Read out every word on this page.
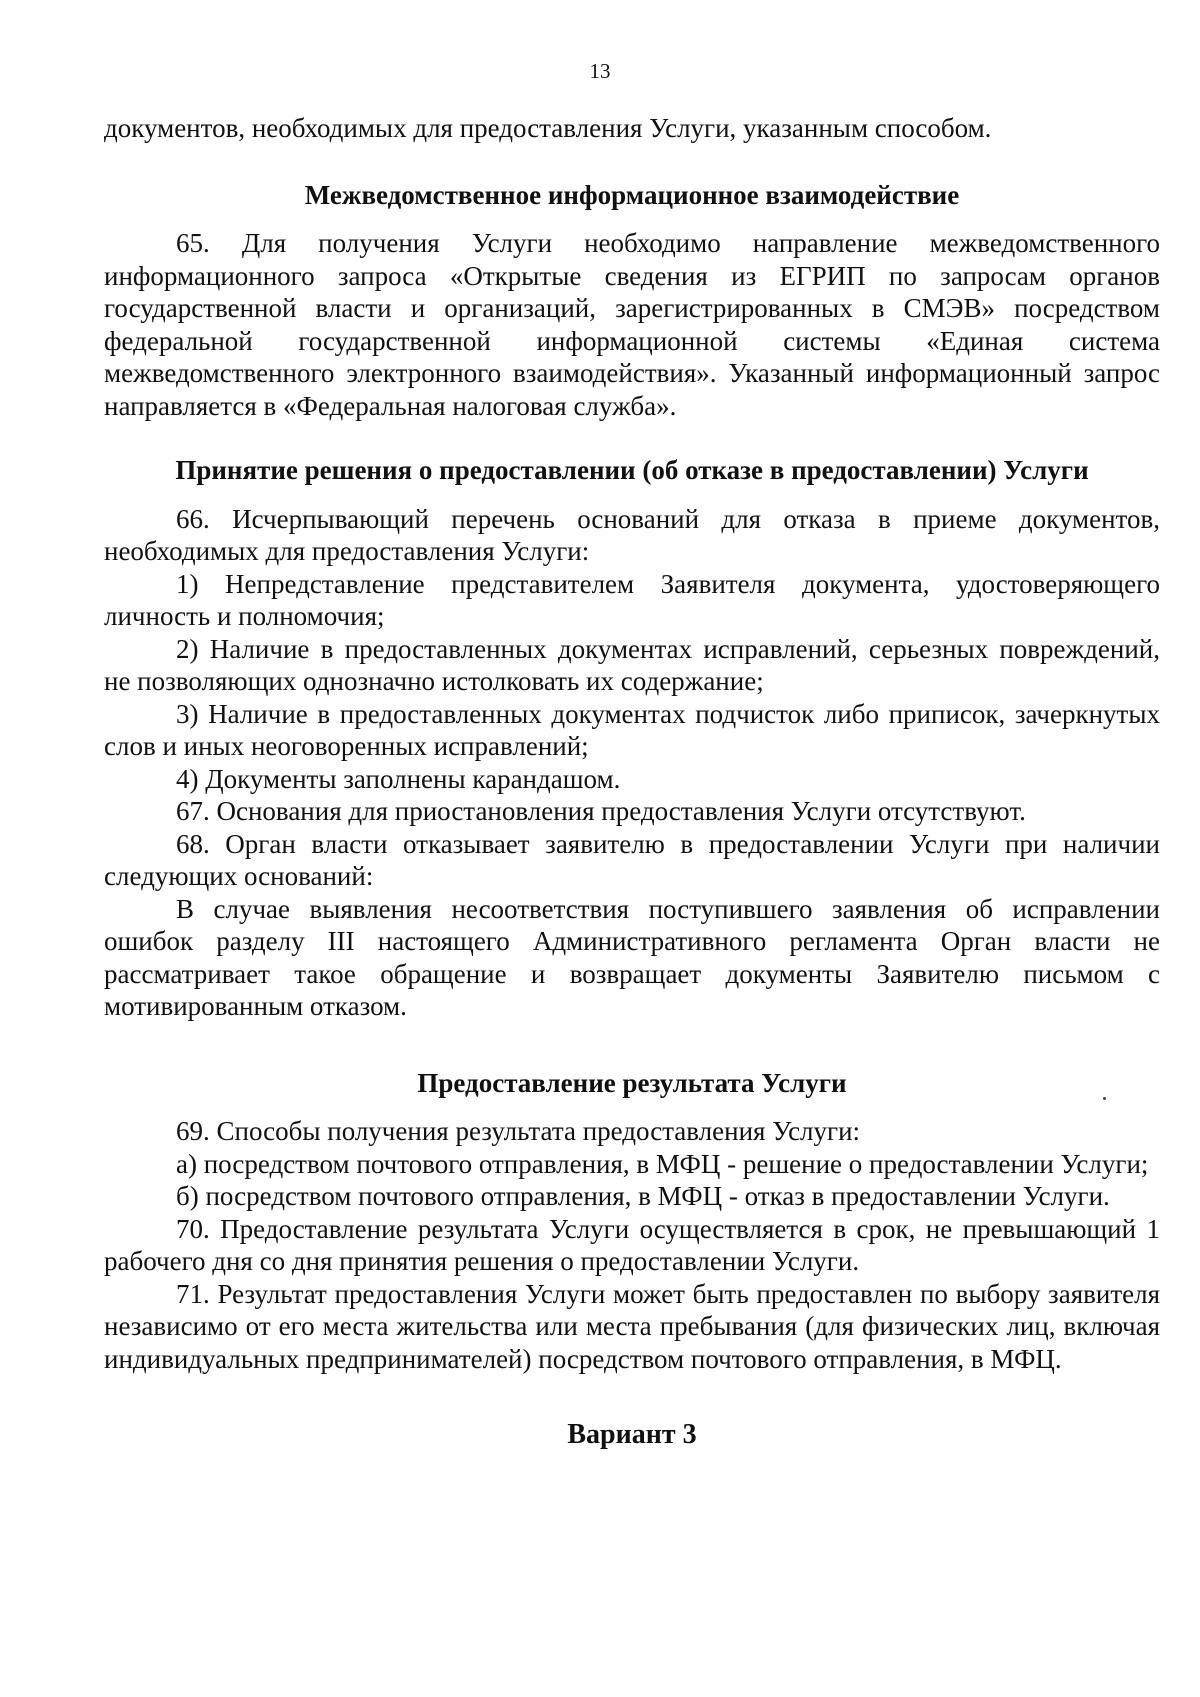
13

документов, необходимых для предоставления Услуги, указанным способом.

Межведомственное информационное взаимодействие

65. Для получения Услуги необходимо направление межведомственного информационного запроса «Открытые сведения из ЕГРИП по запросам органов государственной власти и организаций, зарегистрированных в СМЭВ» посредством федеральной государственной информационной системы «Единая система межведомственного электронного взаимодействия». Указанный информационный запрос направляется в «Федеральная налоговая служба».

Принятие решения о предоставлении (об отказе в предоставлении) Услуги

66. Исчерпывающий перечень оснований для отказа в приеме документов, необходимых для предоставления Услуги:

1) Непредставление представителем Заявителя документа, удостоверяющего личность и полномочия;

2) Наличие в предоставленных документах исправлений, серьезных повреждений, не позволяющих однозначно истолковать их содержание;

3) Наличие в предоставленных документах подчисток либо приписок, зачеркнутых слов и иных неоговоренных исправлений;

4) Документы заполнены карандашом.

67. Основания для приостановления предоставления Услуги отсутствуют.

68. Орган власти отказывает заявителю в предоставлении Услуги при наличии следующих оснований:

В случае выявления несоответствия поступившего заявления об исправлении ошибок разделу III настоящего Административного регламента Орган власти не рассматривает такое обращение и возвращает документы Заявителю письмом с мотивированным отказом.

Предоставление результата Услуги

69. Способы получения результата предоставления Услуги:

а) посредством почтового отправления, в МФЦ - решение о предоставлении Услуги;

б) посредством почтового отправления, в МФЦ - отказ в предоставлении Услуги.

70. Предоставление результата Услуги осуществляется в срок, не превышающий 1 рабочего дня со дня принятия решения о предоставлении Услуги.

71. Результат предоставления Услуги может быть предоставлен по выбору заявителя независимо от его места жительства или места пребывания (для физических лиц, включая индивидуальных предпринимателей) посредством почтового отправления, в МФЦ.

Вариант 3
